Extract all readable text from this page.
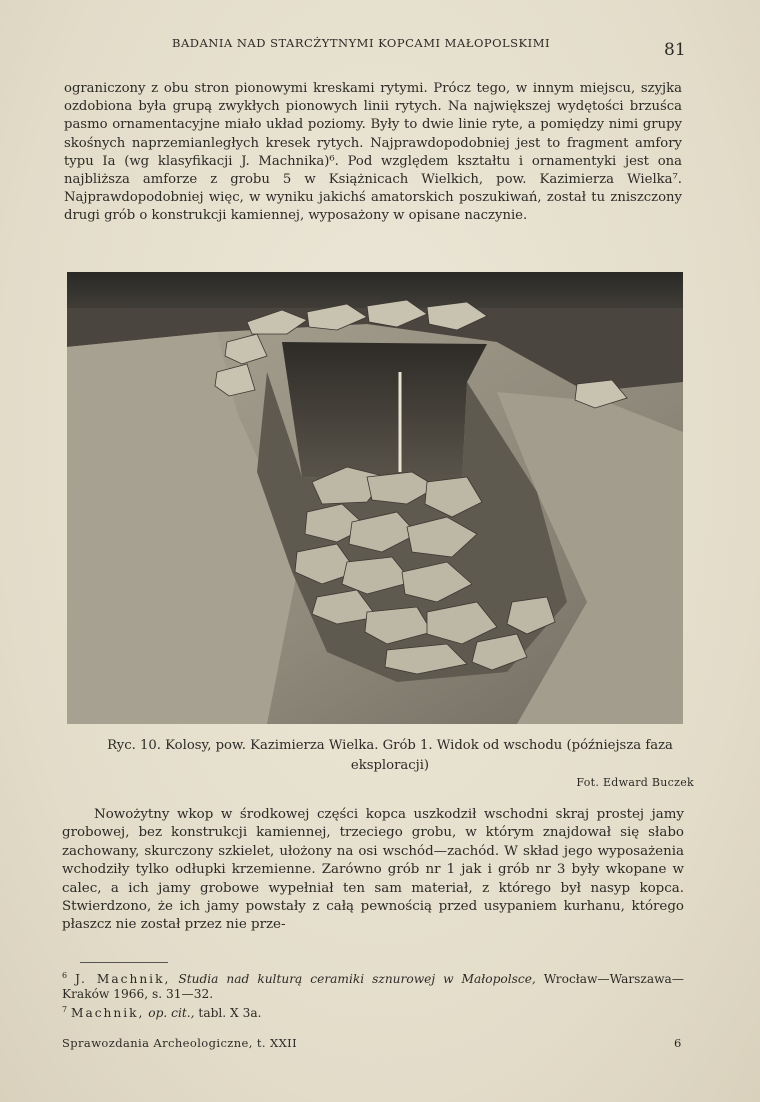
BADANIA NAD STARCŻYTNYMI KOPCAMI MAŁOPOLSKIMI	81

ograniczony z obu stron pionowymi kreskami rytymi. Prócz tego, w innym miejscu, szyjka ozdobiona była grupą zwykłych pionowych linii rytych. Na największej wydętości brzuśca pasmo ornamentacyjne miało układ poziomy. Były to dwie linie ryte, a pomiędzy nimi grupy skośnych naprzemianległych kresek rytych. Najprawdopodobniej jest to fragment amfory typu Ia (wg klasyfikacji J. Machnika)⁶. Pod względem kształtu i ornamentyki jest ona najbliższa amforze z grobu 5 w Książnicach Wielkich, pow. Kazimierza Wielka⁷. Najprawdopodobniej więc, w wyniku jakichś amatorskich poszukiwań, został tu zniszczony drugi grób o konstrukcji kamiennej, wyposażony w opisane naczynie.

Ryc. 10. Kolosy, pow. Kazimierza Wielka. Grób 1. Widok od wschodu (późniejsza faza eksploracji)
Fot. Edward Buczek

Nowożytny wkop w środkowej części kopca uszkodził wschodni skraj prostej jamy grobowej, bez konstrukcji kamiennej, trzeciego grobu, w którym znajdował się słabo zachowany, skurczony szkielet, ułożony na osi wschód—zachód. W skład jego wyposażenia wchodziły tylko odłupki krzemienne. Zarówno grób nr 1 jak i grób nr 3 były wkopane w calec, a ich jamy grobowe wypełniał ten sam materiał, z którego był nasyp kopca. Stwierdzono, że ich jamy powstały z całą pewnością przed usypaniem kurhanu, którego płaszcz nie został przez nie prze-

$^6$ J. Machnik, Studia nad kulturą ceramiki sznurowej w Małopolsce, Wrocław—Warszawa—Kraków 1966, s. 31—32.

$^7$ Machnik, op. cit., tabl. X 3a.

Sprawozdania Archeologiczne, t. XXII	6
